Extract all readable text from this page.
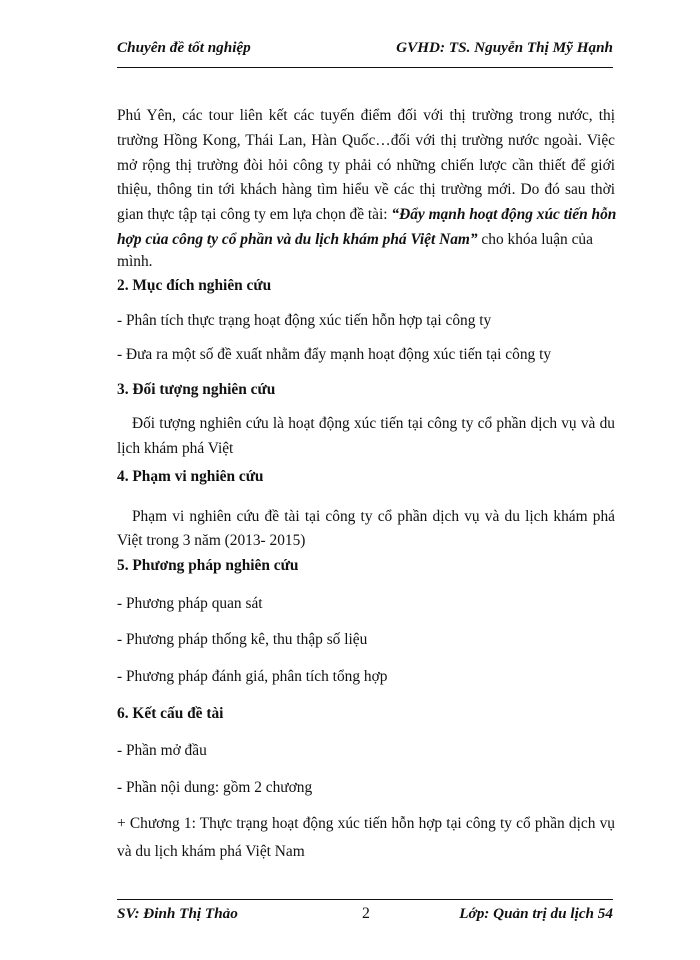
Chuyên đề tốt nghiệp	GVHD: TS. Nguyễn Thị Mỹ Hạnh
Phú Yên, các tour liên kết các tuyến điểm đối với thị trường trong nước, thị
trường Hồng Kong, Thái Lan, Hàn Quốc…đối với thị trường nước ngoài. Việc
mở rộng thị trường đòi hỏi công ty phải có những chiến lược cần thiết để giới
thiệu, thông tin tới khách hàng tìm hiểu về các thị trường mới. Do đó sau thời
gian thực tập tại công ty em lựa chọn đề tài: “Đẩy mạnh hoạt động xúc tiến hỗn
hợp của công ty cổ phần và du lịch khám phá Việt Nam” cho khóa luận của
mình.
2. Mục đích nghiên cứu
- Phân tích thực trạng hoạt động xúc tiến hỗn hợp tại công ty
- Đưa ra một số đề xuất nhằm đẩy mạnh hoạt động xúc tiến tại công ty
3. Đối tượng nghiên cứu
Đối tượng nghiên cứu là hoạt động xúc tiến tại công ty cổ phần dịch vụ và du
lịch khám phá Việt
4. Phạm vi nghiên cứu
Phạm vi nghiên cứu đề tài tại công ty cổ phần dịch vụ và du lịch khám phá
Việt trong 3 năm (2013- 2015)
5. Phương pháp nghiên cứu
- Phương pháp quan sát
- Phương pháp thống kê, thu thập số liệu
- Phương pháp đánh giá, phân tích tổng hợp
6. Kết cấu đề tài
- Phần mở đầu
- Phần nội dung: gồm 2 chương
+ Chương 1: Thực trạng hoạt động xúc tiến hỗn hợp tại công ty cổ phần dịch vụ
và du lịch khám phá Việt Nam
SV: Đinh Thị Thảo	2	Lớp: Quản trị du lịch 54
